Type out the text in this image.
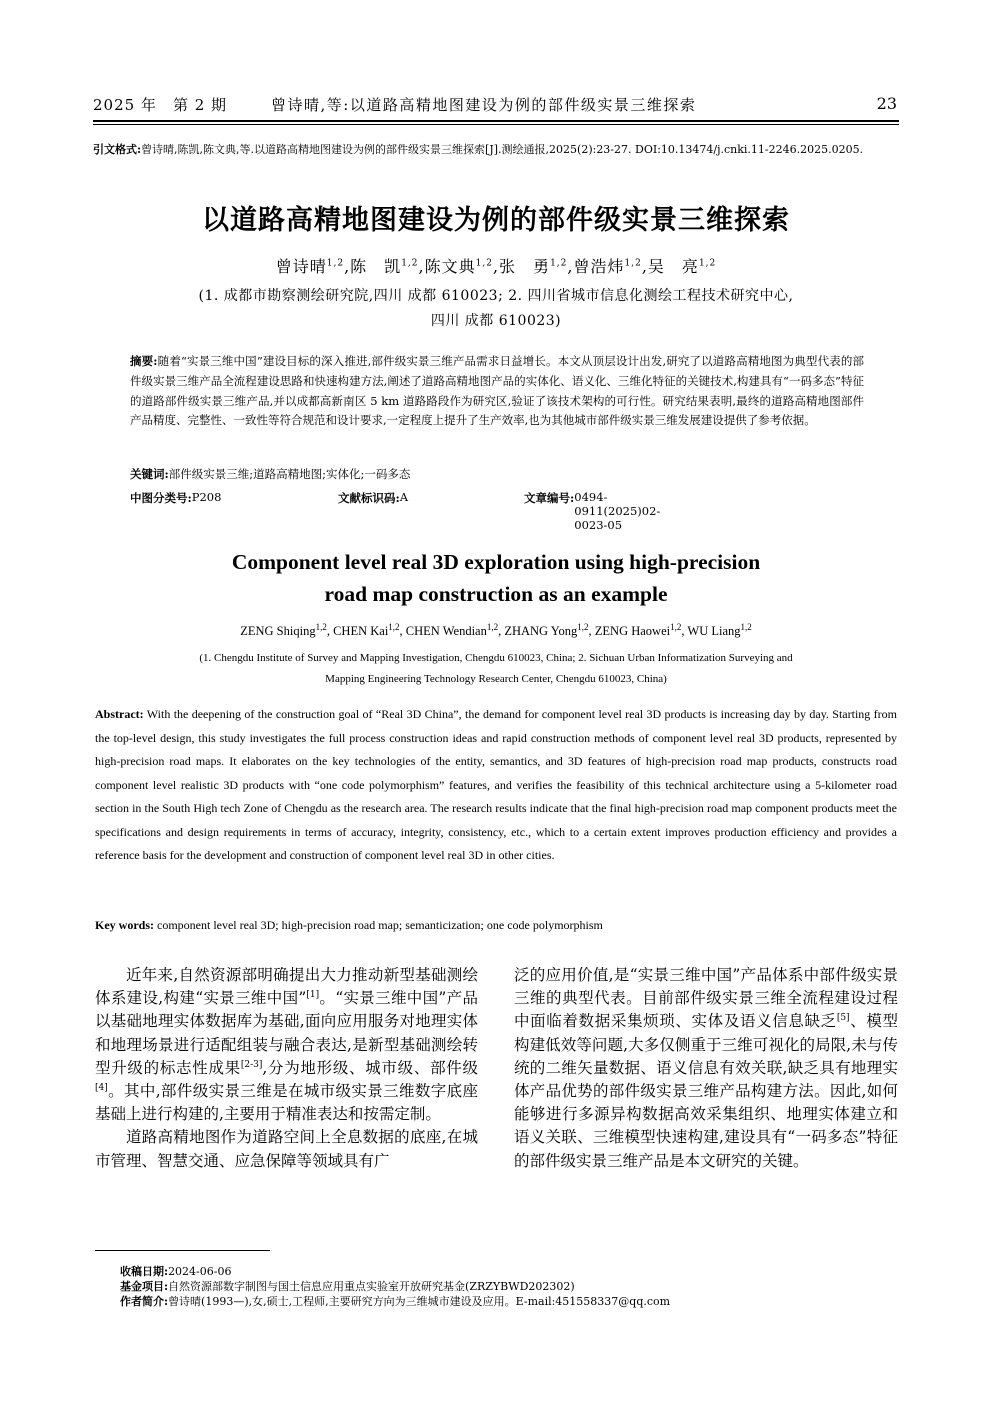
2025 年　第 2 期	曾诗晴,等:以道路高精地图建设为例的部件级实景三维探索	23
引文格式:曾诗晴,陈凯,陈文典,等.以道路高精地图建设为例的部件级实景三维探索[J].测绘通报,2025(2):23-27. DOI:10.13474/j.cnki.11-2246.2025.0205.
以道路高精地图建设为例的部件级实景三维探索
曾诗晴$^{1,2}$,陈　凯$^{1,2}$,陈文典$^{1,2}$,张　勇$^{1,2}$,曾浩炜$^{1,2}$,吴　亮$^{1,2}$
(1. 成都市勘察测绘研究院,四川 成都 610023; 2. 四川省城市信息化测绘工程技术研究中心,
四川 成都 610023)
摘要:随着“实景三维中国”建设目标的深入推进,部件级实景三维产品需求日益增长。本文从顶层设计出发,研究了以道路高精地图为典型代表的部件级实景三维产品全流程建设思路和快速构建方法,阐述了道路高精地图产品的实体化、语义化、三维化特征的关键技术,构建具有“一码多态”特征的道路部件级实景三维产品,并以成都高新南区 5 km 道路路段作为研究区,验证了该技术架构的可行性。研究结果表明,最终的道路高精地图部件产品精度、完整性、一致性等符合规范和设计要求,一定程度上提升了生产效率,也为其他城市部件级实景三维发展建设提供了参考依据。
关键词:部件级实景三维;道路高精地图;实体化;一码多态
中图分类号: P208	文献标识码: A	文章编号: 0494-0911(2025)02-0023-05
Component level real 3D exploration using high-precision
road map construction as an example
ZENG Shiqing$^{1,2}$, CHEN Kai$^{1,2}$, CHEN Wendian$^{1,2}$, ZHANG Yong$^{1,2}$, ZENG Haowei$^{1,2}$, WU Liang$^{1,2}$
(1. Chengdu Institute of Survey and Mapping Investigation, Chengdu 610023, China; 2. Sichuan Urban Informatization Surveying and
Mapping Engineering Technology Research Center, Chengdu 610023, China)
Abstract: With the deepening of the construction goal of “Real 3D China”, the demand for component level real 3D products is increasing day by day. Starting from the top-level design, this study investigates the full process construction ideas and rapid construction methods of component level real 3D products, represented by high-precision road maps. It elaborates on the key technologies of the entity, semantics, and 3D features of high-precision road map products, constructs road component level realistic 3D products with “one code polymorphism” features, and verifies the feasibility of this technical architecture using a 5-kilometer road section in the South High tech Zone of Chengdu as the research area. The research results indicate that the final high-precision road map component products meet the specifications and design requirements in terms of accuracy, integrity, consistency, etc., which to a certain extent improves production efficiency and provides a reference basis for the development and construction of component level real 3D in other cities.
Key words: component level real 3D; high-precision road map; semanticization; one code polymorphism

近年来,自然资源部明确提出大力推动新型基础测绘体系建设,构建“实景三维中国”[1]。“实景三维中国”产品以基础地理实体数据库为基础,面向应用服务对地理实体和地理场景进行适配组装与融合表达,是新型基础测绘转型升级的标志性成果[2-3],分为地形级、城市级、部件级[4]。其中,部件级实景三维是在城市级实景三维数字底座基础上进行构建的,主要用于精准表达和按需定制。

道路高精地图作为道路空间上全息数据的底座,在城市管理、智慧交通、应急保障等领域具有广

泛的应用价值,是“实景三维中国”产品体系中部件级实景三维的典型代表。目前部件级实景三维全流程建设过程中面临着数据采集烦琐、实体及语义信息缺乏[5]、模型构建低效等问题,大多仅侧重于三维可视化的局限,未与传统的二维矢量数据、语义信息有效关联,缺乏具有地理实体产品优势的部件级实景三维产品构建方法。因此,如何能够进行多源异构数据高效采集组织、地理实体建立和语义关联、三维模型快速构建,建设具有“一码多态”特征的部件级实景三维产品是本文研究的关键。

收稿日期:2024-06-06
基金项目:自然资源部数字制图与国土信息应用重点实验室开放研究基金(ZRZYBWD202302)
作者简介:曾诗晴(1993—),女,硕士,工程师,主要研究方向为三维城市建设及应用。E-mail:451558337@qq.com
